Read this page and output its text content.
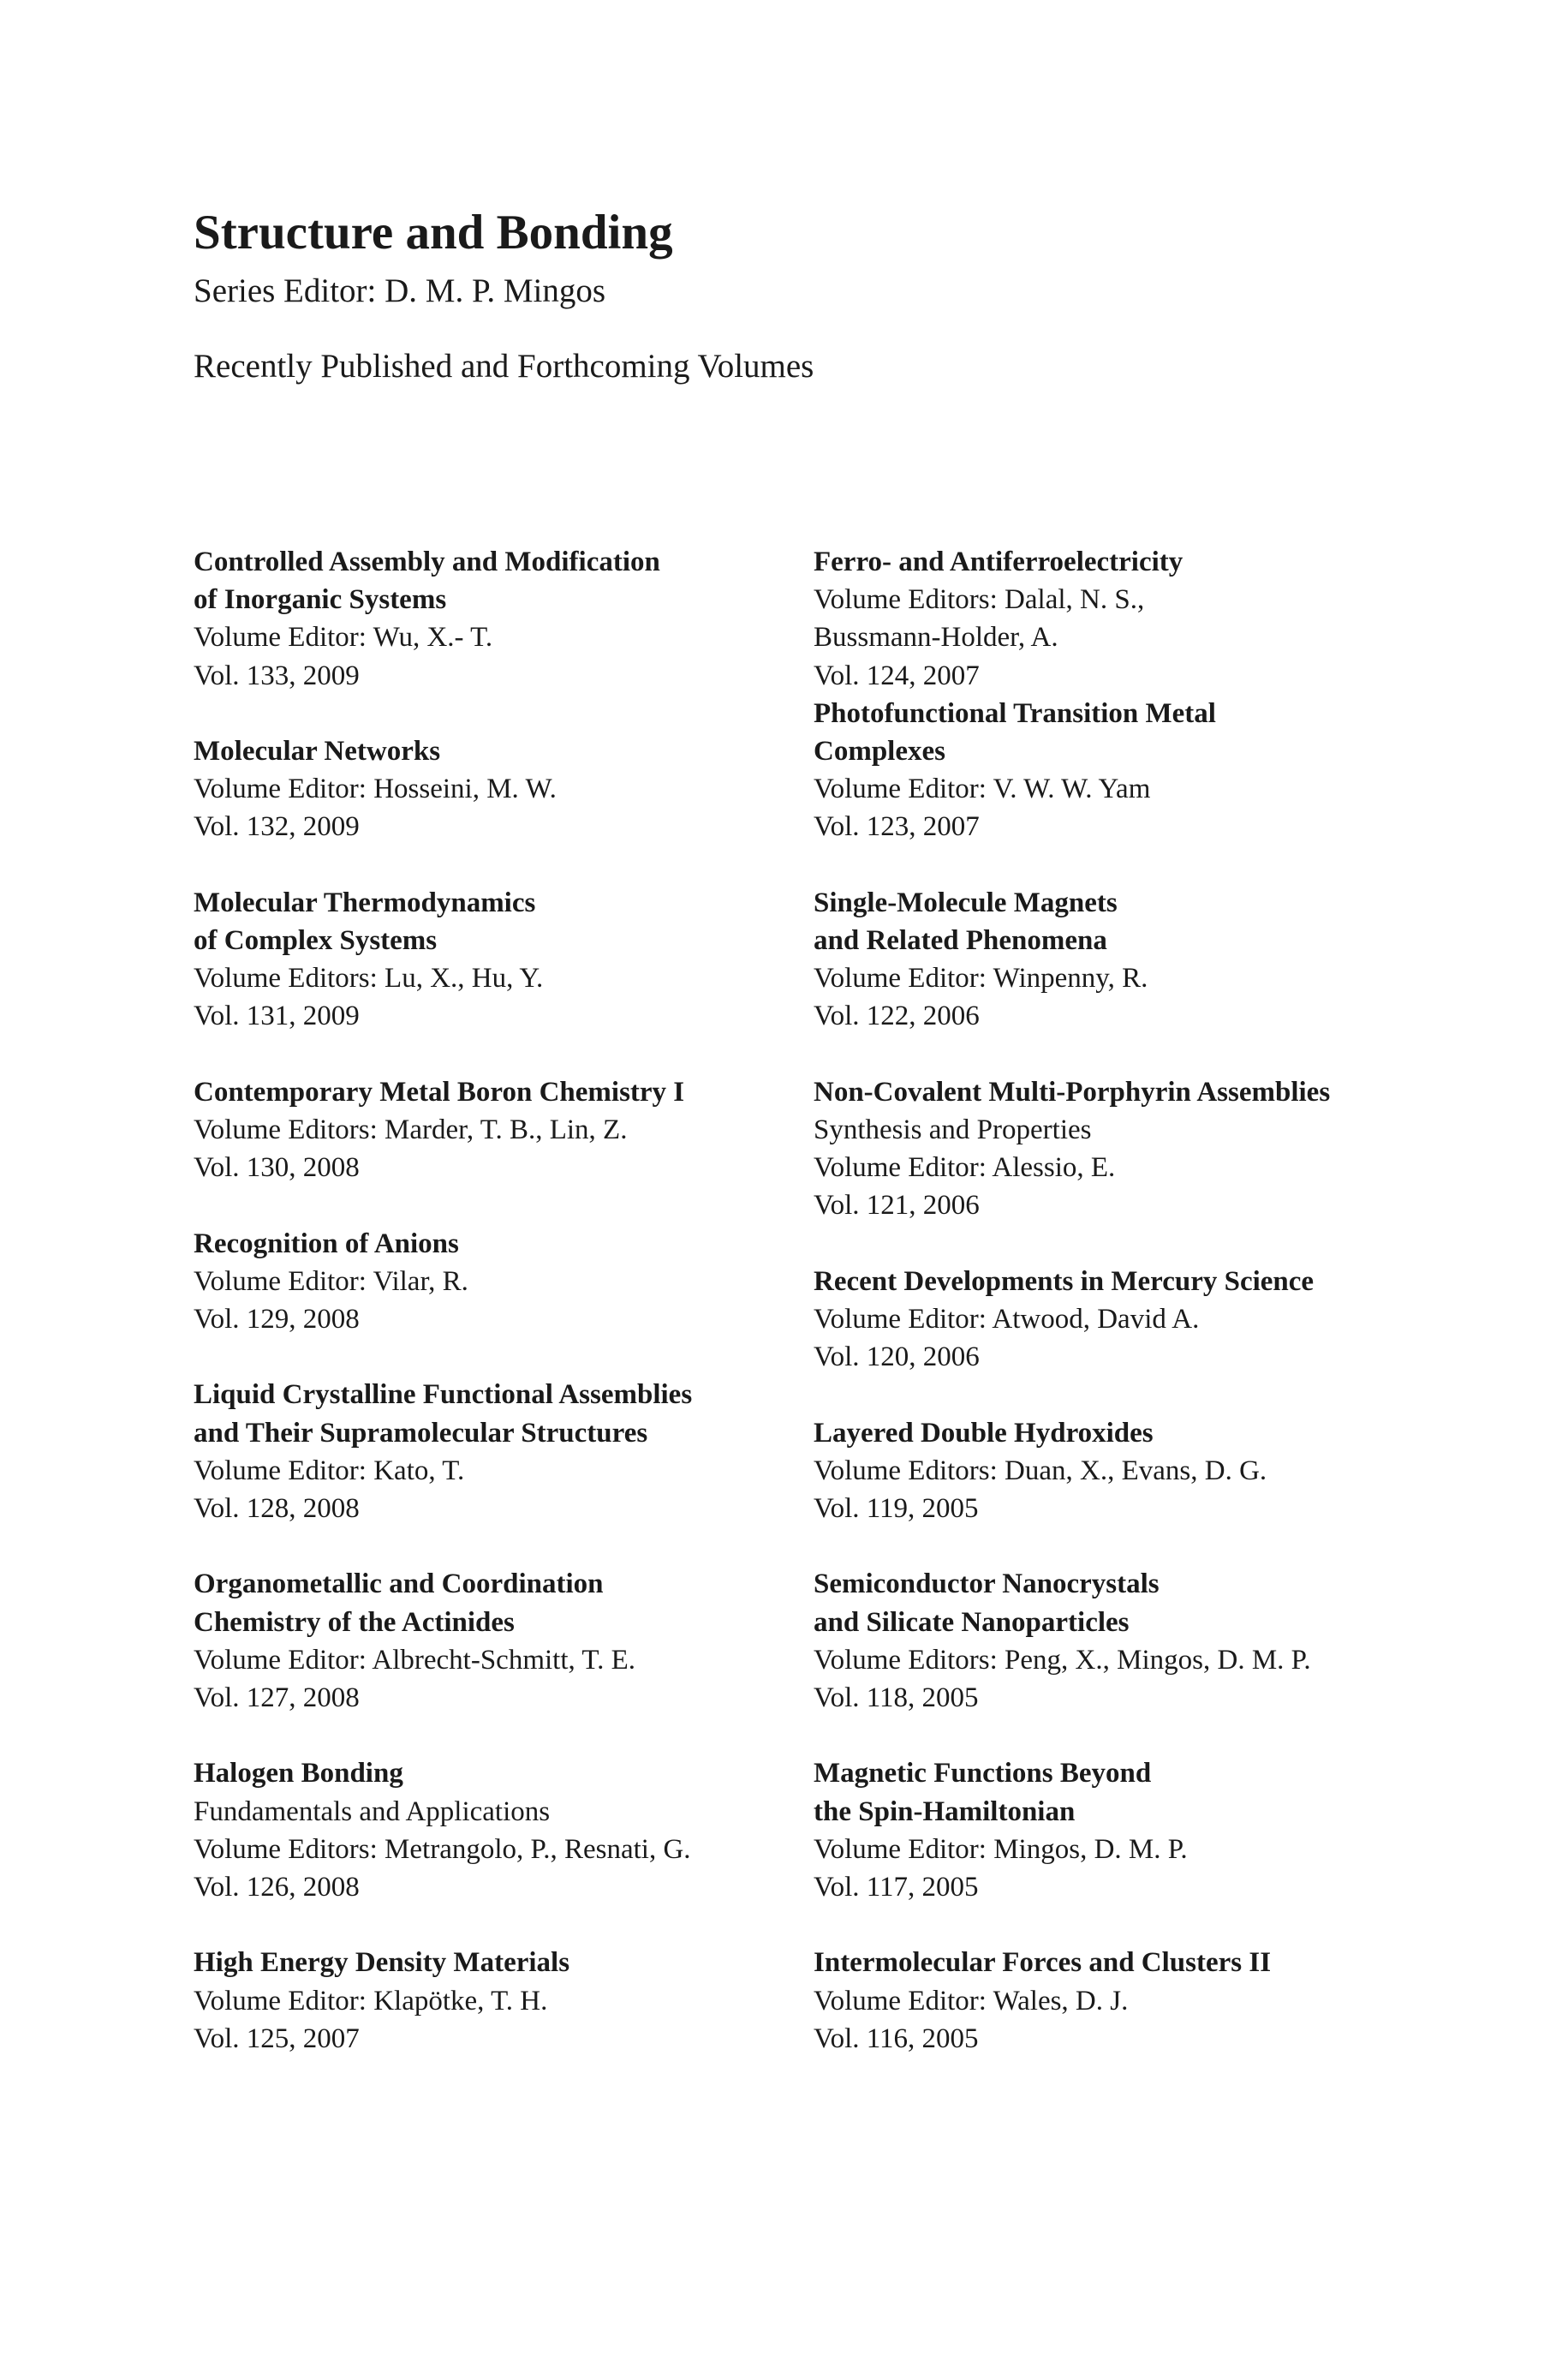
Structure and Bonding

Series Editor: D. M. P. Mingos

Recently Published and Forthcoming Volumes

Controlled Assembly and Modification
of Inorganic Systems
Volume Editor: Wu, X.- T.
Vol. 133, 2009
Molecular Networks
Volume Editor: Hosseini, M. W.
Vol. 132, 2009
Molecular Thermodynamics
of Complex Systems
Volume Editors: Lu, X., Hu, Y.
Vol. 131, 2009
Contemporary Metal Boron Chemistry I
Volume Editors: Marder, T. B., Lin, Z.
Vol. 130, 2008
Recognition of Anions
Volume Editor: Vilar, R.
Vol. 129, 2008
Liquid Crystalline Functional Assemblies
and Their Supramolecular Structures
Volume Editor: Kato, T.
Vol. 128, 2008
Organometallic and Coordination
Chemistry of the Actinides
Volume Editor: Albrecht-Schmitt, T. E.
Vol. 127, 2008
Halogen Bonding
Fundamentals and Applications
Volume Editors: Metrangolo, P., Resnati, G.
Vol. 126, 2008
High Energy Density Materials
Volume Editor: Klapötke, T. H.
Vol. 125, 2007
Ferro- and Antiferroelectricity
Volume Editors: Dalal, N. S.,
Bussmann-Holder, A.
Vol. 124, 2007
Photofunctional Transition Metal
Complexes
Volume Editor: V. W. W. Yam
Vol. 123, 2007
Single-Molecule Magnets
and Related Phenomena
Volume Editor: Winpenny, R.
Vol. 122, 2006
Non-Covalent Multi-Porphyrin Assemblies
Synthesis and Properties
Volume Editor: Alessio, E.
Vol. 121, 2006
Recent Developments in Mercury Science
Volume Editor: Atwood, David A.
Vol. 120, 2006
Layered Double Hydroxides
Volume Editors: Duan, X., Evans, D. G.
Vol. 119, 2005
Semiconductor Nanocrystals
and Silicate Nanoparticles
Volume Editors: Peng, X., Mingos, D. M. P.
Vol. 118, 2005
Magnetic Functions Beyond
the Spin-Hamiltonian
Volume Editor: Mingos, D. M. P.
Vol. 117, 2005
Intermolecular Forces and Clusters II
Volume Editor: Wales, D. J.
Vol. 116, 2005
